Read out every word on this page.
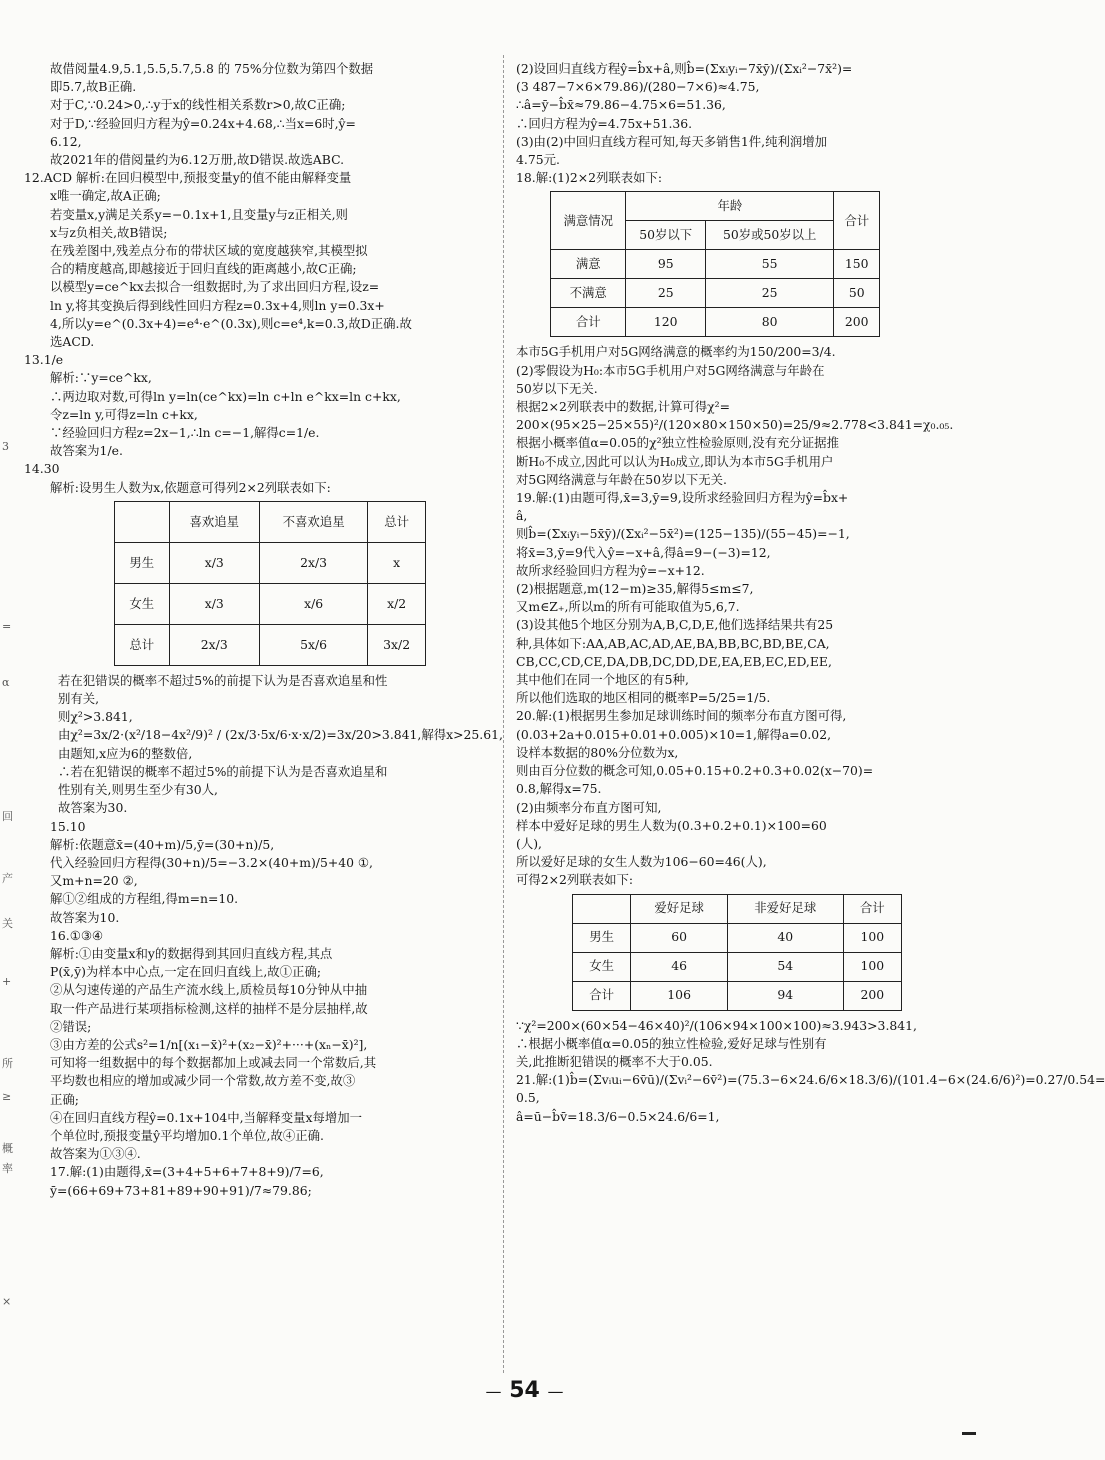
3
=
α
回
产
关
+
所
≥
概
率
×
故借阅量4.9,5.1,5.5,5.7,5.8 的 75%分位数为第四个数据
即5.7,故B正确.
对于C,∵0.24>0,∴y于x的线性相关系数r>0,故C正确;
对于D,∵经验回归方程为ŷ=0.24x+4.68,∴当x=6时,ŷ=
6.12,
故2021年的借阅量约为6.12万册,故D错误.故选ABC.
12.ACD 解析:在回归模型中,预报变量y的值不能由解释变量
x唯一确定,故A正确;
若变量x,y满足关系y=−0.1x+1,且变量y与z正相关,则
x与z负相关,故B错误;
在残差图中,残差点分布的带状区域的宽度越狭窄,其模型拟
合的精度越高,即越接近于回归直线的距离越小,故C正确;
以模型y=ce^kx去拟合一组数据时,为了求出回归方程,设z=
ln y,将其变换后得到线性回归方程z=0.3x+4,则ln y=0.3x+
4,所以y=e^(0.3x+4)=e⁴·e^(0.3x),则c=e⁴,k=0.3,故D正确.故
选ACD.
13.1/e
解析:∵y=ce^kx,
∴两边取对数,可得ln y=ln(ce^kx)=ln c+ln e^kx=ln c+kx,
令z=ln y,可得z=ln c+kx,
∵经验回归方程z=2x−1,∴ln c=−1,解得c=1/e.
故答案为1/e.
14.30
解析:设男生人数为x,依题意可得列2×2列联表如下:
	喜欢追星	不喜欢追星	总计
男生	x/3	2x/3	x
女生	x/3	x/6	x/2
总计	2x/3	5x/6	3x/2
若在犯错误的概率不超过5%的前提下认为是否喜欢追星和性
别有关,
则χ²>3.841,
由χ²=3x/2·(x²/18−4x²/9)² / (2x/3·5x/6·x·x/2)=3x/20>3.841,解得x>25.61,
由题知,x应为6的整数倍,
∴若在犯错误的概率不超过5%的前提下认为是否喜欢追星和
性别有关,则男生至少有30人,
故答案为30.
15.10
解析:依题意x̄=(40+m)/5,ȳ=(30+n)/5,
代入经验回归方程得(30+n)/5=−3.2×(40+m)/5+40 ①,
又m+n=20 ②,
解①②组成的方程组,得m=n=10.
故答案为10.
16.①③④
解析:①由变量x和y的数据得到其回归直线方程,其点
P(x̄,ȳ)为样本中心点,一定在回归直线上,故①正确;
②从匀速传递的产品生产流水线上,质检员每10分钟从中抽
取一件产品进行某项指标检测,这样的抽样不是分层抽样,故
②错误;
③由方差的公式s²=1/n[(x₁−x̄)²+(x₂−x̄)²+···+(xₙ−x̄)²],
可知将一组数据中的每个数据都加上或减去同一个常数后,其
平均数也相应的增加或减少同一个常数,故方差不变,故③
正确;
④在回归直线方程ŷ=0.1x+104中,当解释变量x每增加一
个单位时,预报变量ŷ平均增加0.1个单位,故④正确.
故答案为①③④.
17.解:(1)由题得,x̄=(3+4+5+6+7+8+9)/7=6,
ȳ=(66+69+73+81+89+90+91)/7≈79.86;
(2)设回归直线方程ŷ=b̂x+â,则b̂=(Σxᵢyᵢ−7x̄ȳ)/(Σxᵢ²−7x̄²)=
(3 487−7×6×79.86)/(280−7×6)≈4.75,
∴â=ȳ−b̂x̄≈79.86−4.75×6=51.36,
∴回归方程为ŷ=4.75x+51.36.
(3)由(2)中回归直线方程可知,每天多销售1件,纯利润增加
4.75元.
18.解:(1)2×2列联表如下:
满意情况	年龄		合计
	50岁以下	50岁或50岁以上	
满意	95	55	150
不满意	25	25	50
合计	120	80	200
本市5G手机用户对5G网络满意的概率约为150/200=3/4.
(2)零假设为H₀:本市5G手机用户对5G网络满意与年龄在
50岁以下无关.
根据2×2列联表中的数据,计算可得χ²=
200×(95×25−25×55)²/(120×80×150×50)=25/9≈2.778<3.841=χ₀.₀₅.
根据小概率值α=0.05的χ²独立性检验原则,没有充分证据推
断H₀不成立,因此可以认为H₀成立,即认为本市5G手机用户
对5G网络满意与年龄在50岁以下无关.
19.解:(1)由题可得,x̄=3,ȳ=9,设所求经验回归方程为ŷ=b̂x+
â,
则b̂=(Σxᵢyᵢ−5x̄ȳ)/(Σxᵢ²−5x̄²)=(125−135)/(55−45)=−1,
将x̄=3,ȳ=9代入ŷ=−x+â,得â=9−(−3)=12,
故所求经验回归方程为ŷ=−x+12.
(2)根据题意,m(12−m)≥35,解得5≤m≤7,
又m∈Z₊,所以m的所有可能取值为5,6,7.
(3)设其他5个地区分别为A,B,C,D,E,他们选择结果共有25
种,具体如下:AA,AB,AC,AD,AE,BA,BB,BC,BD,BE,CA,
CB,CC,CD,CE,DA,DB,DC,DD,DE,EA,EB,EC,ED,EE,
其中他们在同一个地区的有5种,
所以他们选取的地区相同的概率P=5/25=1/5.
20.解:(1)根据男生参加足球训练时间的频率分布直方图可得,
(0.03+2a+0.015+0.01+0.005)×10=1,解得a=0.02,
设样本数据的80%分位数为x,
则由百分位数的概念可知,0.05+0.15+0.2+0.3+0.02(x−70)=
0.8,解得x=75.
(2)由频率分布直方图可知,
样本中爱好足球的男生人数为(0.3+0.2+0.1)×100=60
(人),
所以爱好足球的女生人数为106−60=46(人),
可得2×2列联表如下:
	爱好足球	非爱好足球	合计
男生	60	40	100
女生	46	54	100
合计	106	94	200
∵χ²=200×(60×54−46×40)²/(106×94×100×100)≈3.943>3.841,
∴根据小概率值α=0.05的独立性检验,爱好足球与性别有
关,此推断犯错误的概率不大于0.05.
21.解:(1)b̂=(Σvᵢuᵢ−6v̄ū)/(Σvᵢ²−6v̄²)=(75.3−6×24.6/6×18.3/6)/(101.4−6×(24.6/6)²)=0.27/0.54=
0.5,
â=ū−b̂v̄=18.3/6−0.5×24.6/6=1,
— 54 —
